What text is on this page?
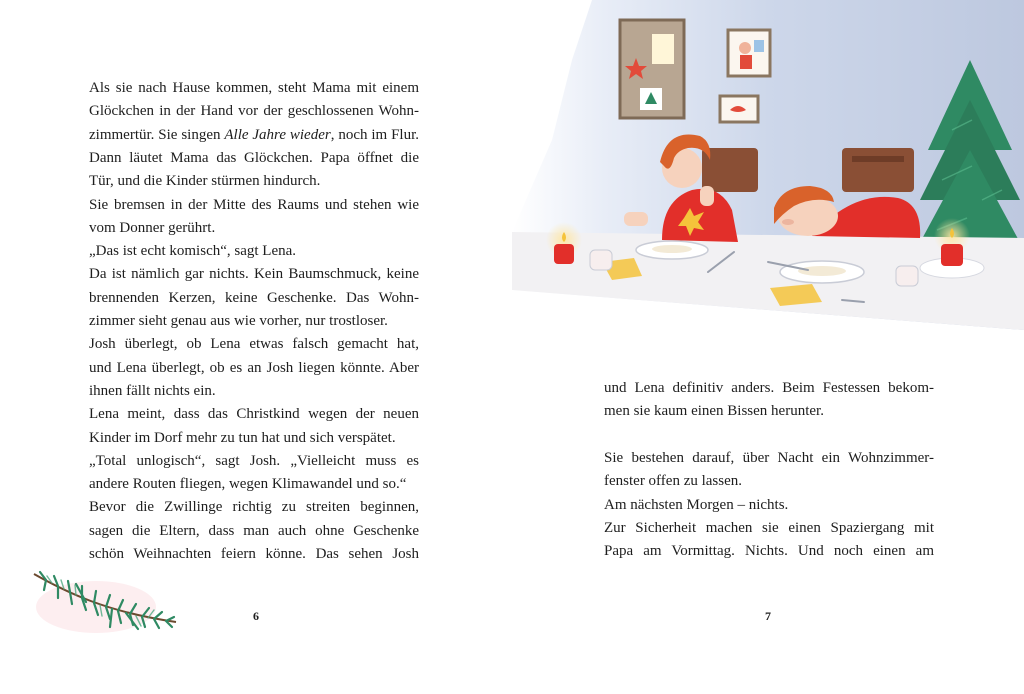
Als sie nach Hause kommen, steht Mama mit einem
Glöckchen in der Hand vor der geschlossenen Wohn-
zimmertür. Sie singen Alle Jahre wieder, noch im Flur.
Dann läutet Mama das Glöckchen. Papa öffnet die
Tür, und die Kinder stürmen hindurch.
Sie bremsen in der Mitte des Raums und stehen wie
vom Donner gerührt.
„Das ist echt komisch“, sagt Lena.
Da ist nämlich gar nichts. Kein Baumschmuck, keine
brennenden Kerzen, keine Geschenke. Das Wohn-
zimmer sieht genau aus wie vorher, nur trostloser.
Josh überlegt, ob Lena etwas falsch gemacht hat,
und Lena überlegt, ob es an Josh liegen könnte. Aber
ihnen fällt nichts ein.
Lena meint, dass das Christkind wegen der neuen
Kinder im Dorf mehr zu tun hat und sich verspätet.
„Total unlogisch“, sagt Josh. „Vielleicht muss es
andere Routen fliegen, wegen Klimawandel und so.“
Bevor die Zwillinge richtig zu streiten beginnen,
sagen die Eltern, dass man auch ohne Geschenke
schön Weihnachten feiern könne. Das sehen Josh
6
und Lena definitiv anders. Beim Festessen bekom-
men sie kaum einen Bissen herunter.
Sie bestehen darauf, über Nacht ein Wohnzimmer-
fenster offen zu lassen.
Am nächsten Morgen – nichts.
Zur Sicherheit machen sie einen Spaziergang mit
Papa am Vormittag. Nichts. Und noch einen am
7
